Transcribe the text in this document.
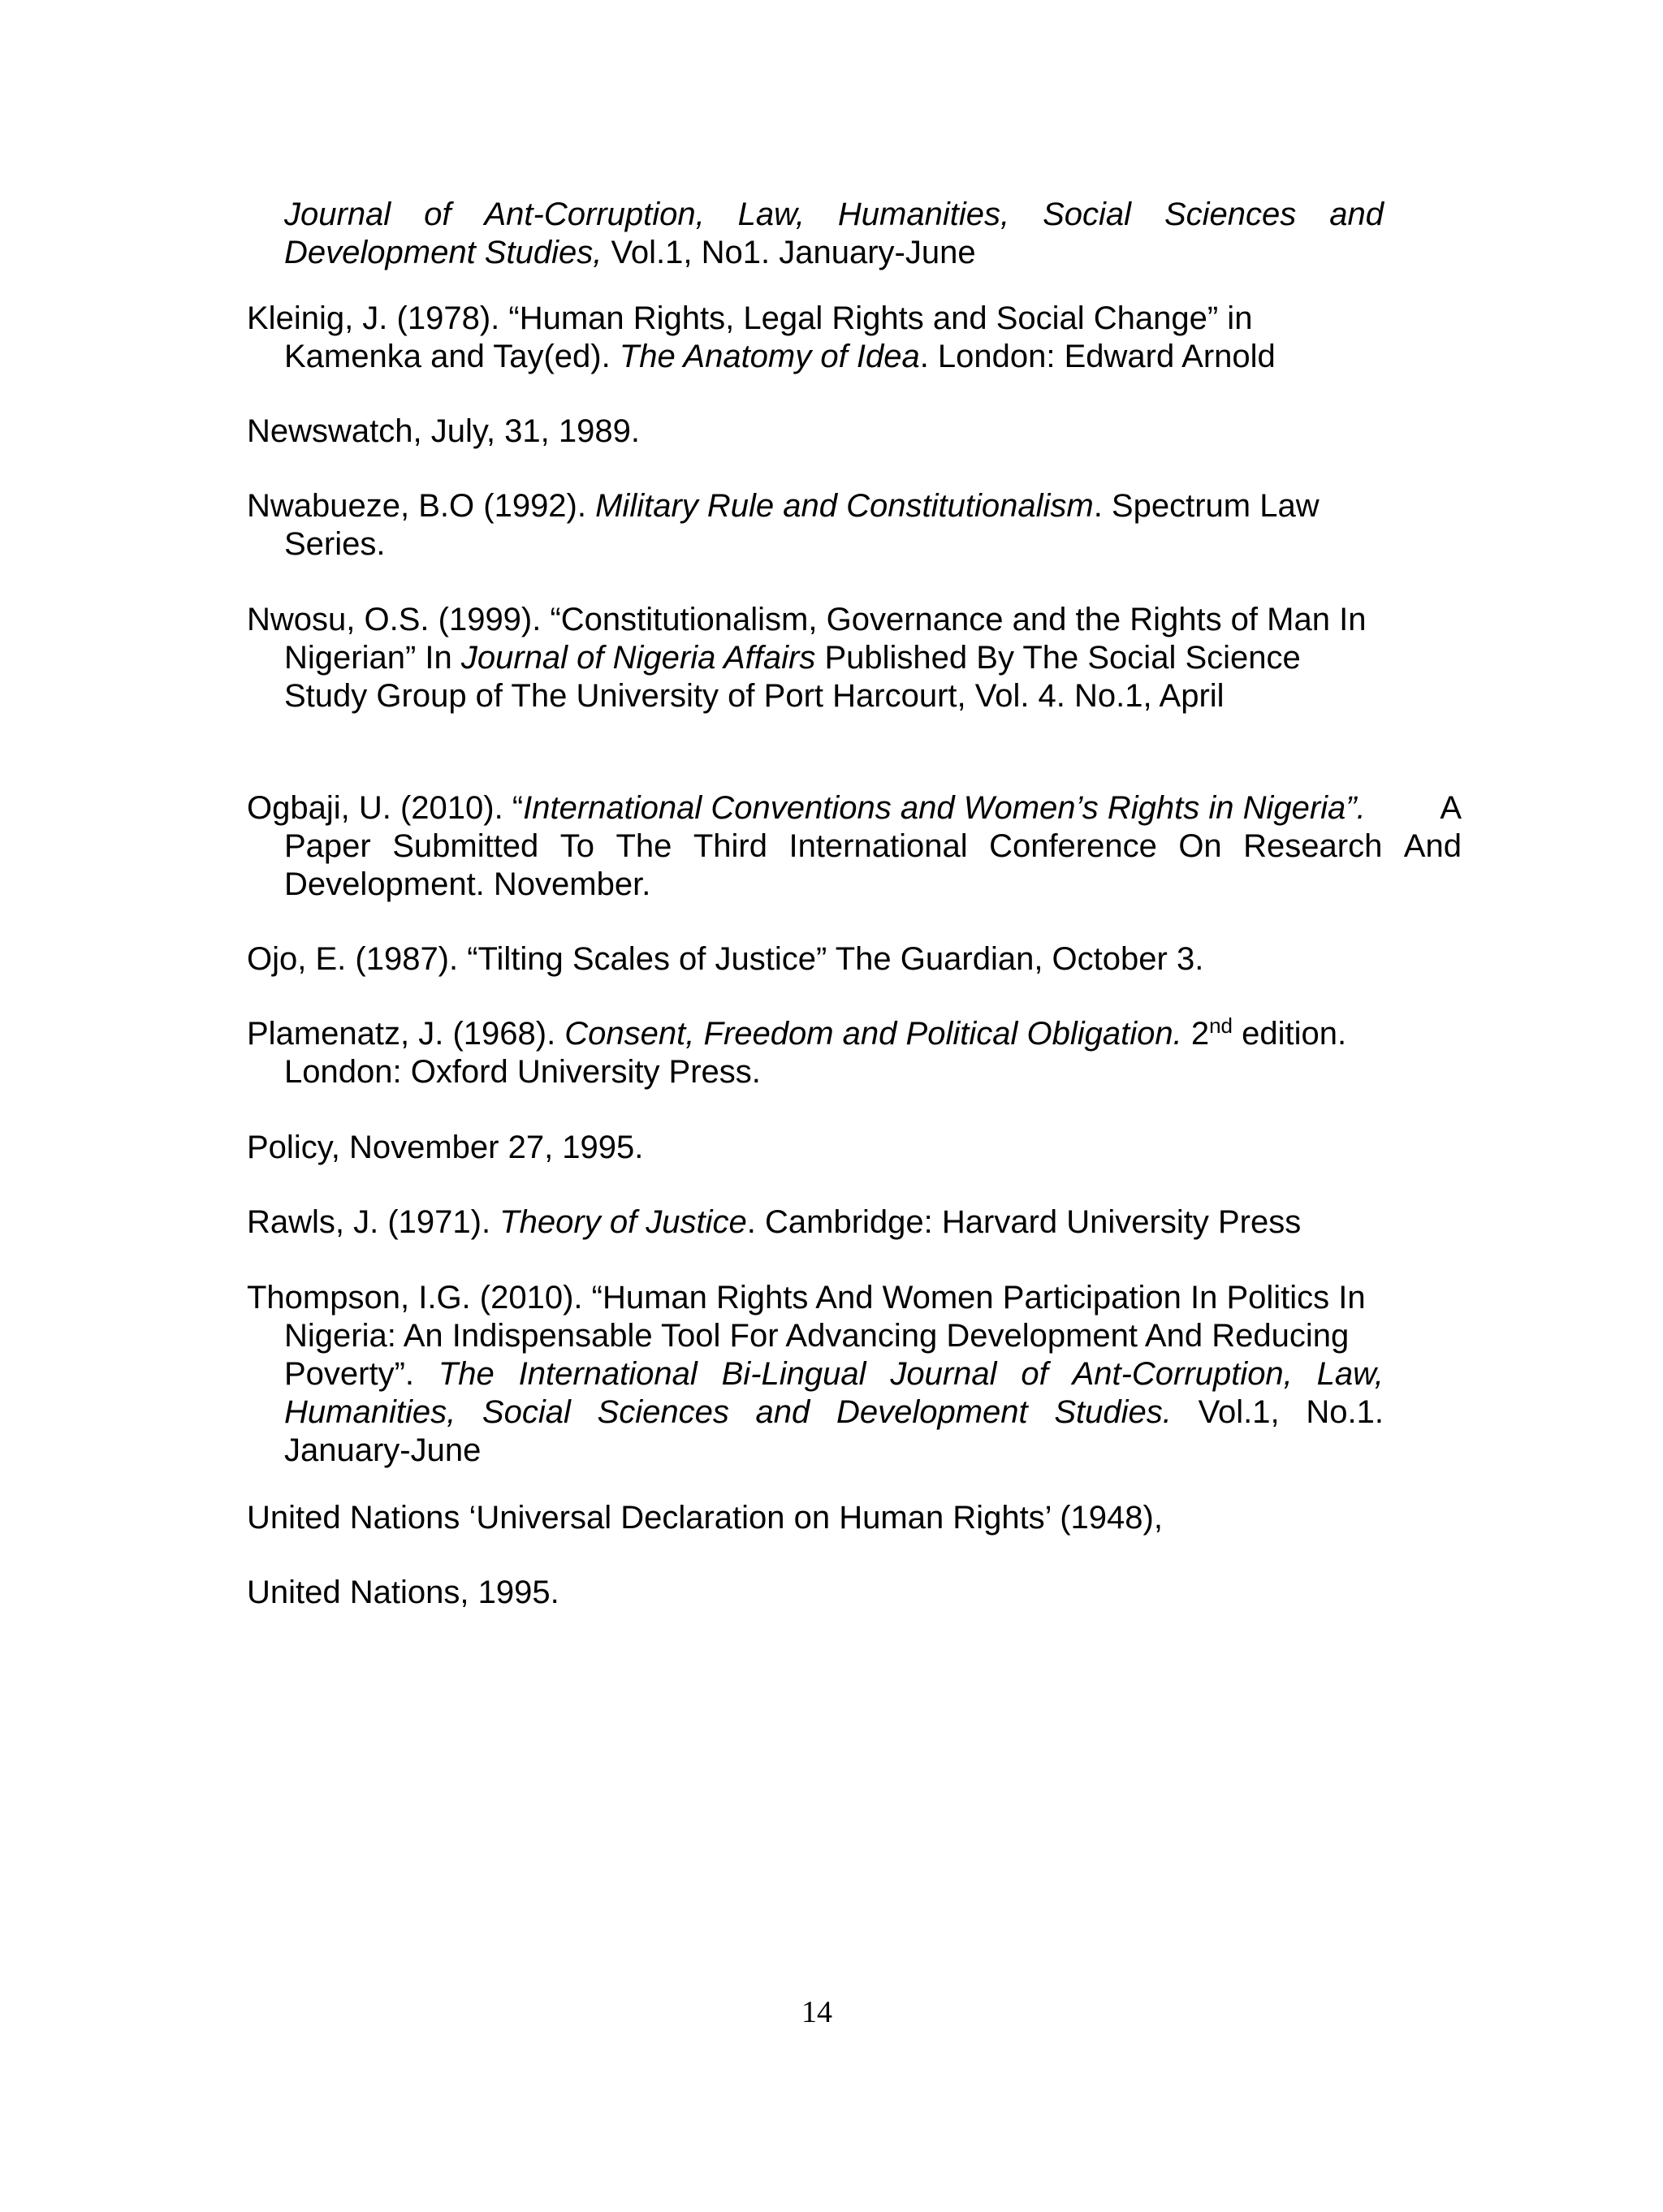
Journal of Ant-Corruption, Law, Humanities, Social Sciences and
Development Studies, Vol.1, No1. January-June
Kleinig, J. (1978). “Human Rights, Legal Rights and Social Change” in
Kamenka and Tay(ed). The Anatomy of Idea. London: Edward Arnold
Newswatch, July, 31, 1989.
Nwabueze, B.O (1992). Military Rule and Constitutionalism. Spectrum Law
Series.
Nwosu, O.S. (1999). “Constitutionalism, Governance and the Rights of Man In
Nigerian” In Journal of Nigeria Affairs Published By The Social Science
Study Group of The University of Port Harcourt, Vol. 4. No.1, April
Ogbaji, U. (2010). “International Conventions and Women’s Rights in Nigeria”. A
Paper Submitted To The Third International Conference On Research And
Development. November.
Ojo, E. (1987). “Tilting Scales of Justice” The Guardian, October 3.
Plamenatz, J. (1968). Consent, Freedom and Political Obligation. 2nd edition.
London: Oxford University Press.
Policy, November 27, 1995.
Rawls, J. (1971). Theory of Justice. Cambridge: Harvard University Press
Thompson, I.G. (2010). “Human Rights And Women Participation In Politics In
Nigeria: An Indispensable Tool For Advancing Development And Reducing
Poverty”. The International Bi-Lingual Journal of Ant-Corruption, Law,
Humanities, Social Sciences and Development Studies. Vol.1, No.1.
January-June
United Nations ‘Universal Declaration on Human Rights’ (1948),
United Nations, 1995.
14
